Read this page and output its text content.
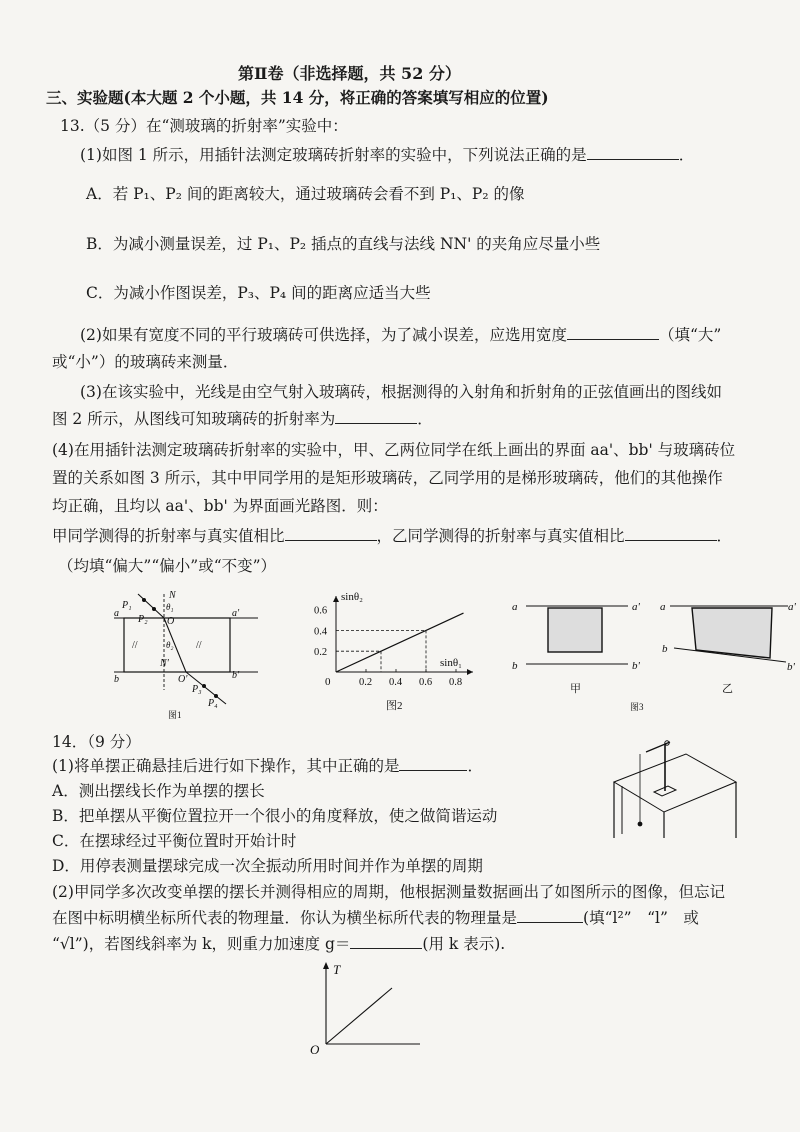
第Ⅱ卷（非选择题，共 52 分）
三、实验题(本大题 2 个小题，共 14 分，将正确的答案填写相应的位置)
13.（5 分）在“测玻璃的折射率”实验中：
(1)如图 1 所示，用插针法测定玻璃砖折射率的实验中，下列说法正确的是	．
A．若 P₁、P₂ 间的距离较大，通过玻璃砖会看不到 P₁、P₂ 的像
B．为减小测量误差，过 P₁、P₂ 插点的直线与法线 NN' 的夹角应尽量小些
C．为减小作图误差，P₃、P₄ 间的距离应适当大些
(2)如果有宽度不同的平行玻璃砖可供选择，为了减小误差，应选用宽度	（填“大”
或“小”）的玻璃砖来测量．
(3)在该实验中，光线是由空气射入玻璃砖，根据测得的入射角和折射角的正弦值画出的图线如
图 2 所示，从图线可知玻璃砖的折射率为	．
(4)在用插针法测定玻璃砖折射率的实验中，甲、乙两位同学在纸上画出的界面 aa'、bb' 与玻璃砖位
置的关系如图 3 所示，其中甲同学用的是矩形玻璃砖，乙同学用的是梯形玻璃砖，他们的其他操作
均正确，且均以 aa'、bb' 为界面画光路图．则：
甲同学测得的折射率与真实值相比	，乙同学测得的折射率与真实值相比	．
（均填“偏大”“偏小”或“不变”）
//	//
N
P₁
P₂
θ₁
O
a	a'
θ₂
N'
O'
b	b'
P₃
P₄
图1
sinθ₂
sinθ₁
0
图2
0.2 0.4 0.6 0.8
0.2
0.4
0.6	a	a'
b	b'
甲
a	a'
b
b'
乙
图3
14．（9 分）
(1)将单摆正确悬挂后进行如下操作，其中正确的是	．
A．测出摆线长作为单摆的摆长
B．把单摆从平衡位置拉开一个很小的角度释放，使之做简谐运动
C．在摆球经过平衡位置时开始计时
D．用停表测量摆球完成一次全振动所用时间并作为单摆的周期
(2)甲同学多次改变单摆的摆长并测得相应的周期，他根据测量数据画出了如图所示的图像，但忘记
在图中标明横坐标所代表的物理量．你认为横坐标所代表的物理量是	(填“l²”　“l”　或
“√l”)，若图线斜率为 k，则重力加速度 g＝	(用 k 表示).
T
O
